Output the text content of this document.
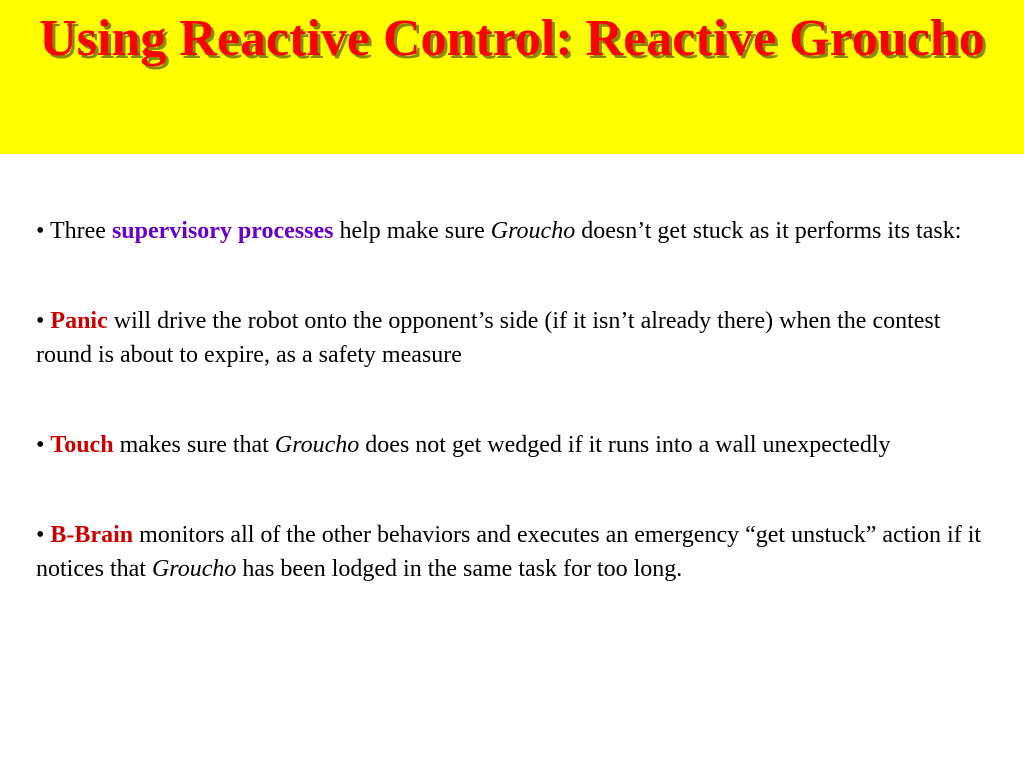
Using Reactive Control: Reactive Groucho

• Three supervisory processes help make sure Groucho doesn’t get stuck as it performs its task:

• Panic will drive the robot onto the opponent’s side (if it isn’t already there) when the contest round is about to expire, as a safety measure

• Touch makes sure that Groucho does not get wedged if it runs into a wall unexpectedly

• B-Brain monitors all of the other behaviors and executes an emergency “get unstuck” action if it notices that Groucho has been lodged in the same task for too long.
